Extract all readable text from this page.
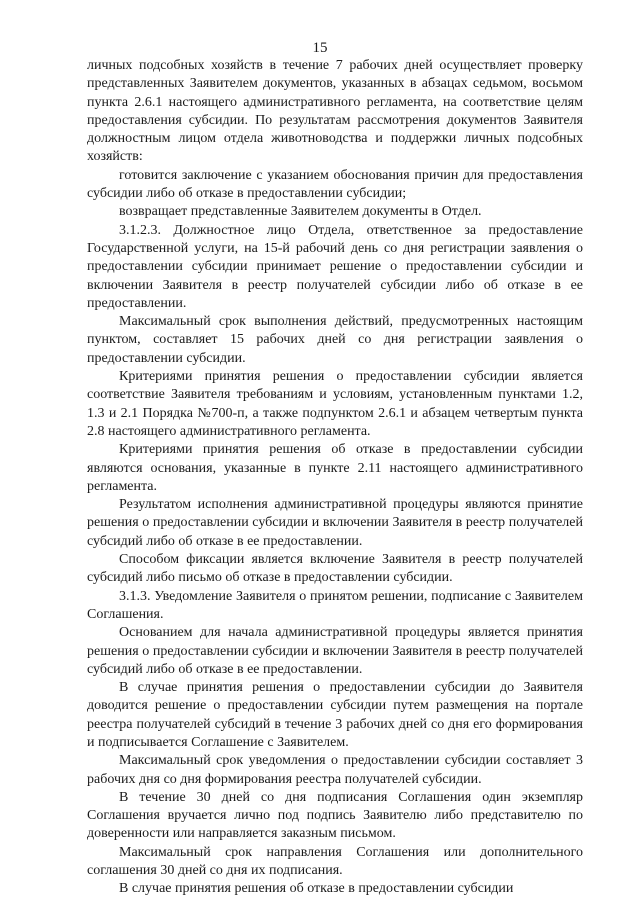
15

личных подсобных хозяйств в течение 7 рабочих дней осуществляет проверку представленных Заявителем документов, указанных в абзацах седьмом, восьмом пункта 2.6.1 настоящего административного регламента, на соответствие целям предоставления субсидии. По результатам рассмотрения документов Заявителя должностным лицом отдела животноводства и поддержки личных подсобных хозяйств:

готовится заключение с указанием обоснования причин для предоставления субсидии либо об отказе в предоставлении субсидии;

возвращает представленные Заявителем документы в Отдел.

3.1.2.3. Должностное лицо Отдела, ответственное за предоставление Государственной услуги, на 15-й рабочий день со дня регистрации заявления о предоставлении субсидии принимает решение о предоставлении субсидии и включении Заявителя в реестр получателей субсидии либо об отказе в ее предоставлении.

Максимальный срок выполнения действий, предусмотренных настоящим пунктом, составляет 15 рабочих дней со дня регистрации заявления о предоставлении субсидии.

Критериями принятия решения о предоставлении субсидии является соответствие Заявителя требованиям и условиям, установленным пунктами 1.2, 1.3 и 2.1 Порядка №700-п, а также подпунктом 2.6.1 и абзацем четвертым пункта 2.8 настоящего административного регламента.

Критериями принятия решения об отказе в предоставлении субсидии являются основания, указанные в пункте 2.11 настоящего административного регламента.

Результатом исполнения административной процедуры являются принятие решения о предоставлении субсидии и включении Заявителя в реестр получателей субсидий либо об отказе в ее предоставлении.

Способом фиксации является включение Заявителя в реестр получателей субсидий либо письмо об отказе в предоставлении субсидии.

3.1.3. Уведомление Заявителя о принятом решении, подписание с Заявителем Соглашения.

Основанием для начала административной процедуры является принятия решения о предоставлении субсидии и включении Заявителя в реестр получателей субсидий либо об отказе в ее предоставлении.

В случае принятия решения о предоставлении субсидии до Заявителя доводится решение о предоставлении субсидии путем размещения на портале реестра получателей субсидий в течение 3 рабочих дней со дня его формирования и подписывается Соглашение с Заявителем.

Максимальный срок уведомления о предоставлении субсидии составляет 3 рабочих дня со дня формирования реестра получателей субсидии.

В течение 30 дней со дня подписания Соглашения один экземпляр Соглашения вручается лично под подпись Заявителю либо представителю по доверенности или направляется заказным письмом.

Максимальный срок направления Соглашения или дополнительного соглашения 30 дней со дня их подписания.

В случае принятия решения об отказе в предоставлении субсидии
